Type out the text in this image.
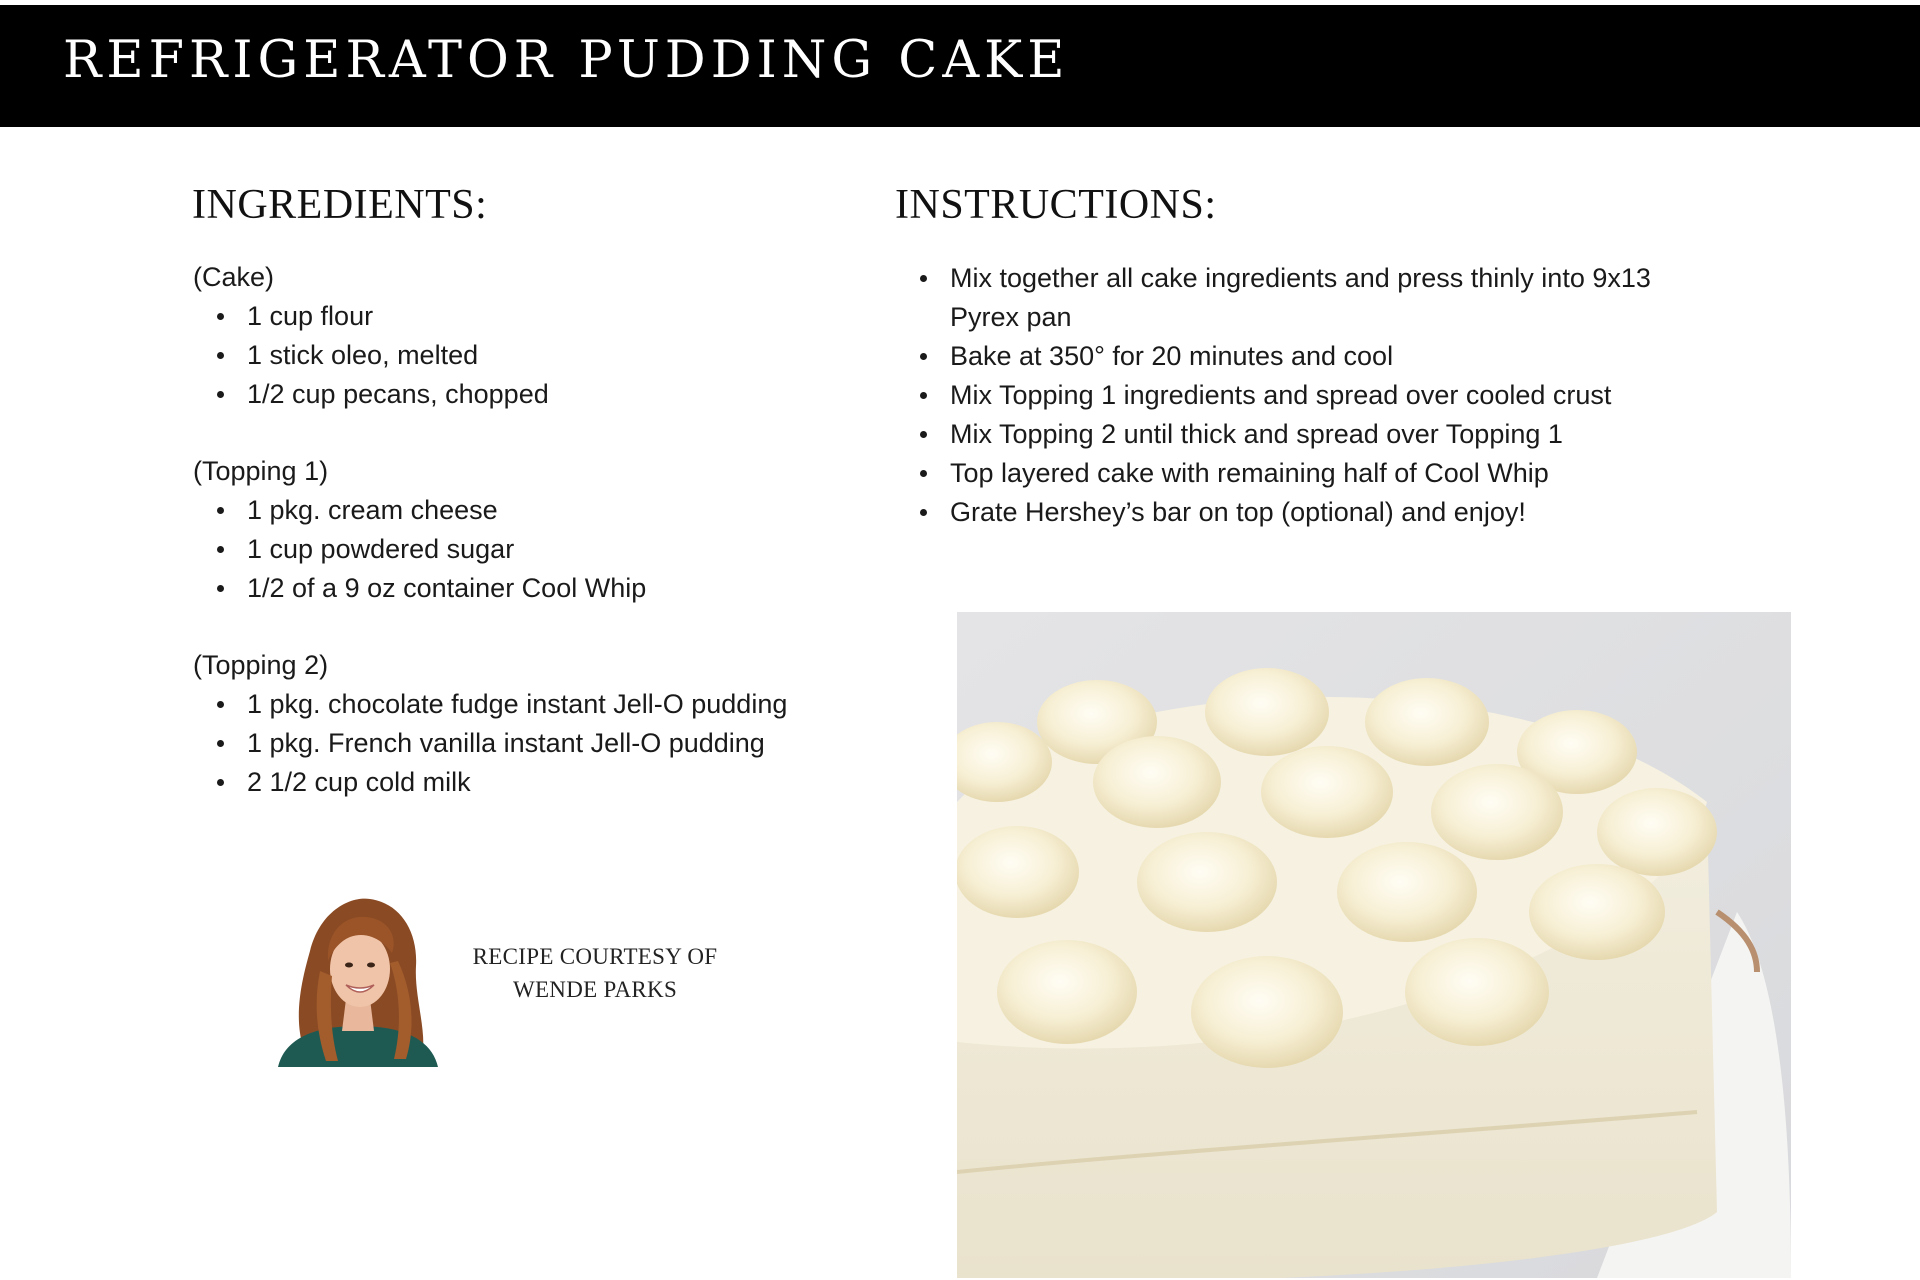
REFRIGERATOR PUDDING CAKE
INGREDIENTS:
(Cake)
1 cup flour
1 stick oleo, melted
1/2 cup pecans, chopped
(Topping 1)
1 pkg. cream cheese
1 cup powdered sugar
1/2 of a 9 oz container Cool Whip
(Topping 2)
1 pkg. chocolate fudge instant Jell-O pudding
1 pkg. French vanilla instant Jell-O pudding
2 1/2 cup cold milk
INSTRUCTIONS:
Mix together all cake ingredients and press thinly into 9x13 Pyrex pan
Bake at 350° for 20 minutes and cool
Mix Topping 1 ingredients and spread over cooled crust
Mix Topping 2 until thick and spread over Topping 1
Top layered cake with remaining half of Cool Whip
Grate Hershey’s bar on top (optional) and enjoy!
RECIPE COURTESY OF
WENDE PARKS
